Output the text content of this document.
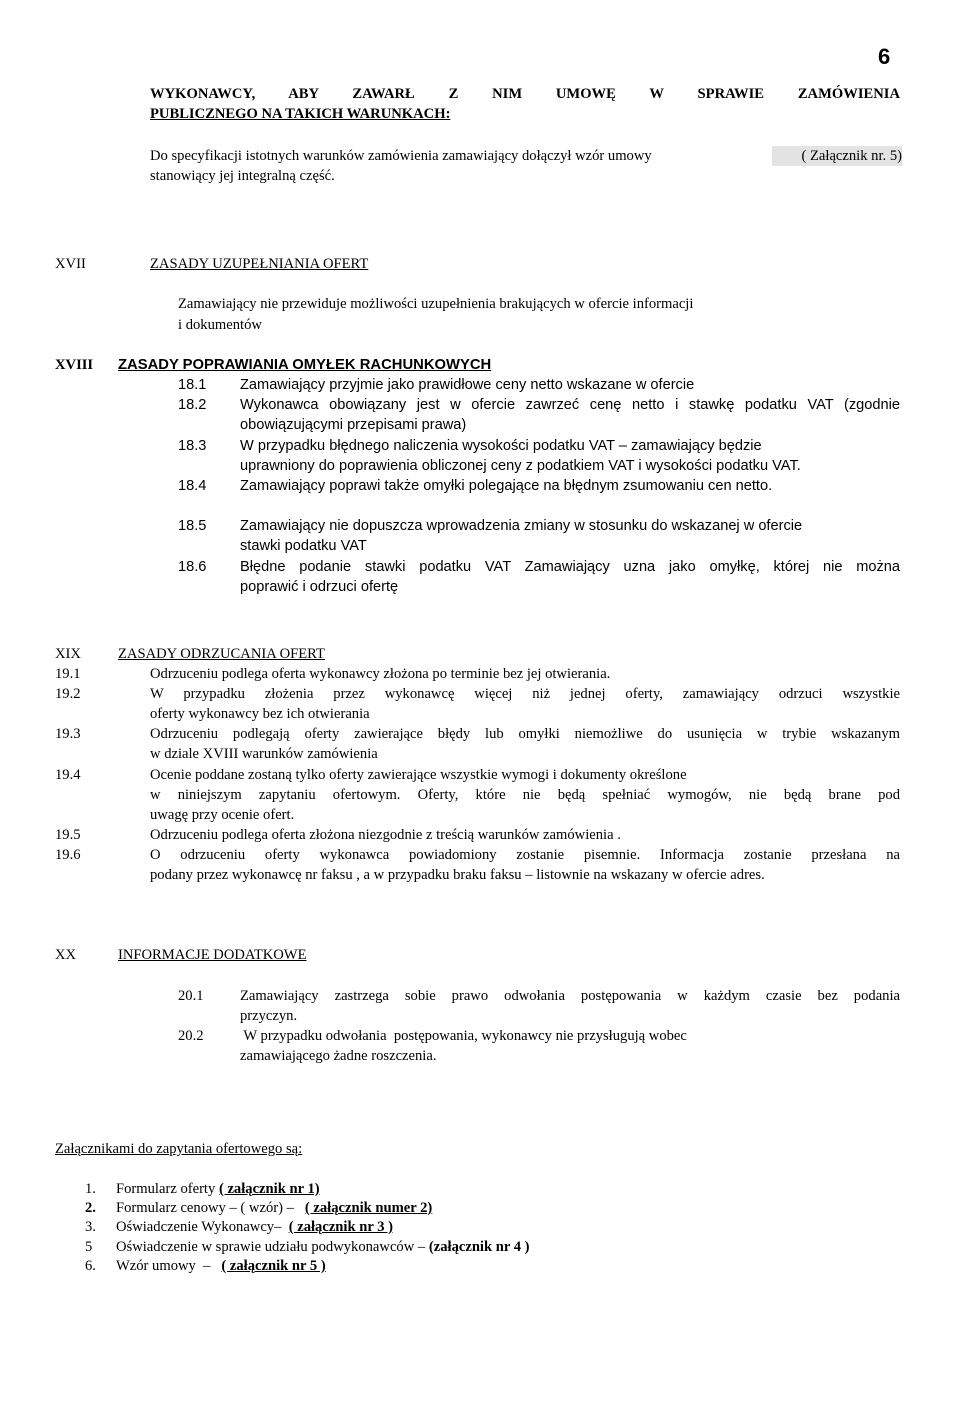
6
WYKONAWCY, ABY ZAWARŁ Z NIM UMOWĘ W SPRAWIE ZAMÓWIENIA
PUBLICZNEGO NA TAKICH WARUNKACH:
Do specyfikacji istotnych warunków zamówienia zamawiający dołączył wzór umowy	( Załącznik nr. 5)
stanowiący jej integralną część.
XVII	ZASADY UZUPEŁNIANIA OFERT
Zamawiający nie przewiduje możliwości uzupełnienia brakujących w ofercie informacji
i dokumentów
XVIII ZASADY POPRAWIANIA OMYŁEK RACHUNKOWYCH
18.1 Zamawiający przyjmie jako prawidłowe ceny netto wskazane w ofercie
18.2 Wykonawca obowiązany jest w ofercie zawrzeć cenę netto i stawkę podatku VAT (zgodnie
obowiązującymi przepisami prawa)
18.3 W przypadku błędnego naliczenia wysokości podatku VAT – zamawiający będzie
uprawniony do poprawienia obliczonej ceny z podatkiem VAT i wysokości podatku VAT.
18.4 Zamawiający poprawi także omyłki polegające na błędnym zsumowaniu cen netto.
18.5 Zamawiający nie dopuszcza wprowadzenia zmiany w stosunku do wskazanej w ofercie
stawki podatku VAT
18.6 Błędne podanie stawki podatku VAT Zamawiający uzna jako omyłkę, której nie można
poprawić i odrzuci ofertę
XIX	ZASADY ODRZUCANIA OFERT
19.1	Odrzuceniu podlega oferta wykonawcy złożona po terminie bez jej otwierania.
19.2	W przypadku złożenia przez wykonawcę więcej niż jednej oferty, zamawiający odrzuci wszystkie
oferty wykonawcy bez ich otwierania
19.3	Odrzuceniu podlegają oferty zawierające błędy lub omyłki niemożliwe do usunięcia w trybie wskazanym
w dziale XVIII warunków zamówienia
19.4	Ocenie poddane zostaną tylko oferty zawierające wszystkie wymogi i dokumenty określone
w niniejszym zapytaniu ofertowym. Oferty, które nie będą spełniać wymogów, nie będą brane pod
uwagę przy ocenie ofert.
19.5	Odrzuceniu podlega oferta złożona niezgodnie z treścią warunków zamówienia .
19.6	O odrzuceniu oferty wykonawca powiadomiony zostanie pisemnie. Informacja zostanie przesłana na
podany przez wykonawcę nr faksu , a w przypadku braku faksu – listownie na wskazany w ofercie adres.
XX	INFORMACJE DODATKOWE
20.1 Zamawiający zastrzega sobie prawo odwołania postępowania w każdym czasie bez podania
przyczyn.
20.2 W przypadku odwołania  postępowania, wykonawcy nie przysługują wobec
zamawiającego żadne roszczenia.
Załącznikami do zapytania ofertowego są:
1. Formularz oferty ( załącznik nr 1)
2. Formularz cenowy – ( wzór) –   ( załącznik numer 2)
3. Oświadczenie Wykonawcy–  ( załącznik nr 3 )
5 Oświadczenie w sprawie udziału podwykonawców – (załącznik nr 4 )
6. Wzór umowy  –   ( załącznik nr 5 )
